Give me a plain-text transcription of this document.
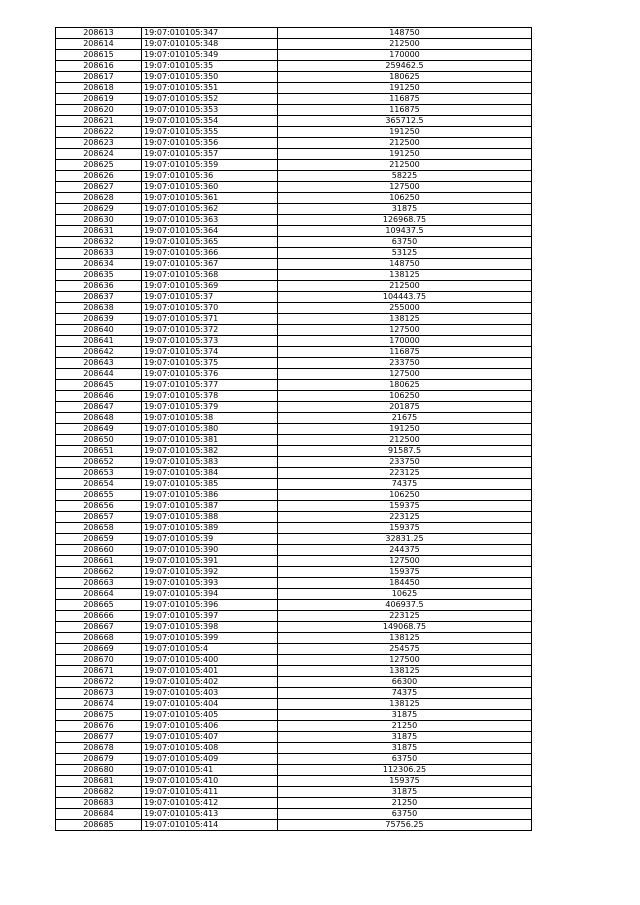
208613	19:07:010105:347	148750
208614	19:07:010105:348	212500
208615	19:07:010105:349	170000
208616	19:07:010105:35	259462.5
208617	19:07:010105:350	180625
208618	19:07:010105:351	191250
208619	19:07:010105:352	116875
208620	19:07:010105:353	116875
208621	19:07:010105:354	365712.5
208622	19:07:010105:355	191250
208623	19:07:010105:356	212500
208624	19:07:010105:357	191250
208625	19:07:010105:359	212500
208626	19:07:010105:36	58225
208627	19:07:010105:360	127500
208628	19:07:010105:361	106250
208629	19:07:010105:362	31875
208630	19:07:010105:363	126968.75
208631	19:07:010105:364	109437.5
208632	19:07:010105:365	63750
208633	19:07:010105:366	53125
208634	19:07:010105:367	148750
208635	19:07:010105:368	138125
208636	19:07:010105:369	212500
208637	19:07:010105:37	104443.75
208638	19:07:010105:370	255000
208639	19:07:010105:371	138125
208640	19:07:010105:372	127500
208641	19:07:010105:373	170000
208642	19:07:010105:374	116875
208643	19:07:010105:375	233750
208644	19:07:010105:376	127500
208645	19:07:010105:377	180625
208646	19:07:010105:378	106250
208647	19:07:010105:379	201875
208648	19:07:010105:38	21675
208649	19:07:010105:380	191250
208650	19:07:010105:381	212500
208651	19:07:010105:382	91587.5
208652	19:07:010105:383	233750
208653	19:07:010105:384	223125
208654	19:07:010105:385	74375
208655	19:07:010105:386	106250
208656	19:07:010105:387	159375
208657	19:07:010105:388	223125
208658	19:07:010105:389	159375
208659	19:07:010105:39	32831.25
208660	19:07:010105:390	244375
208661	19:07:010105:391	127500
208662	19:07:010105:392	159375
208663	19:07:010105:393	184450
208664	19:07:010105:394	10625
208665	19:07:010105:396	406937.5
208666	19:07:010105:397	223125
208667	19:07:010105:398	149068.75
208668	19:07:010105:399	138125
208669	19:07:010105:4	254575
208670	19:07:010105:400	127500
208671	19:07:010105:401	138125
208672	19:07:010105:402	66300
208673	19:07:010105:403	74375
208674	19:07:010105:404	138125
208675	19:07:010105:405	31875
208676	19:07:010105:406	21250
208677	19:07:010105:407	31875
208678	19:07:010105:408	31875
208679	19:07:010105:409	63750
208680	19:07:010105:41	112306.25
208681	19:07:010105:410	159375
208682	19:07:010105:411	31875
208683	19:07:010105:412	21250
208684	19:07:010105:413	63750
208685	19:07:010105:414	75756.25
